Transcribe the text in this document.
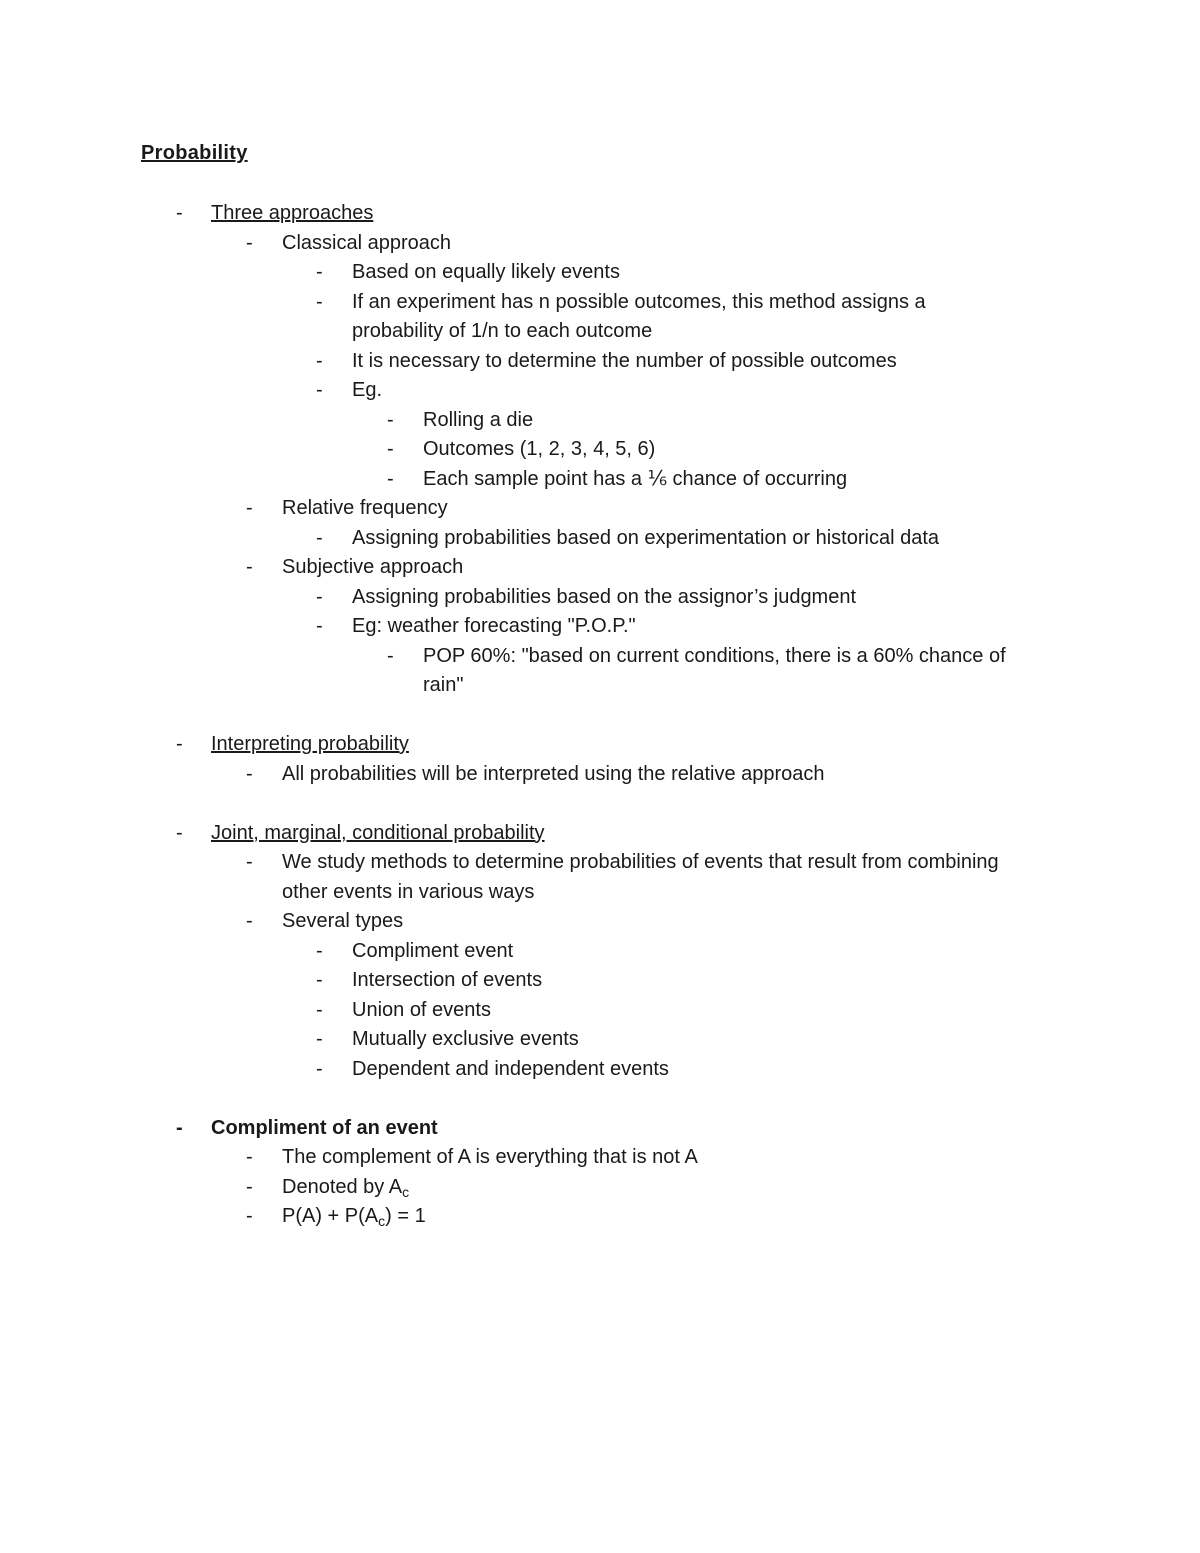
Probability
-	Three approaches
-	Classical approach
-	Based on equally likely events
-	If an experiment has n possible outcomes, this method assigns a
probability of 1/n to each outcome
-	It is necessary to determine the number of possible outcomes
-	Eg.
-	Rolling a die
-	Outcomes (1, 2, 3, 4, 5, 6)
-	Each sample point has a ⅙ chance of occurring
-	Relative frequency
-	Assigning probabilities based on experimentation or historical data
-	Subjective approach
-	Assigning probabilities based on the assignor’s judgment
-	Eg: weather forecasting "P.O.P."
-	POP 60%: "based on current conditions, there is a 60% chance of
rain"
-	Interpreting probability
-	All probabilities will be interpreted using the relative approach
-	Joint, marginal, conditional probability
-	We study methods to determine probabilities of events that result from combining
other events in various ways
-	Several types
-	Compliment event
-	Intersection of events
-	Union of events
-	Mutually exclusive events
-	Dependent and independent events
-	Compliment of an event
-	The complement of A is everything that is not A
-	Denoted by $A_c$
-	$P(A) + P(A_c) = 1$
